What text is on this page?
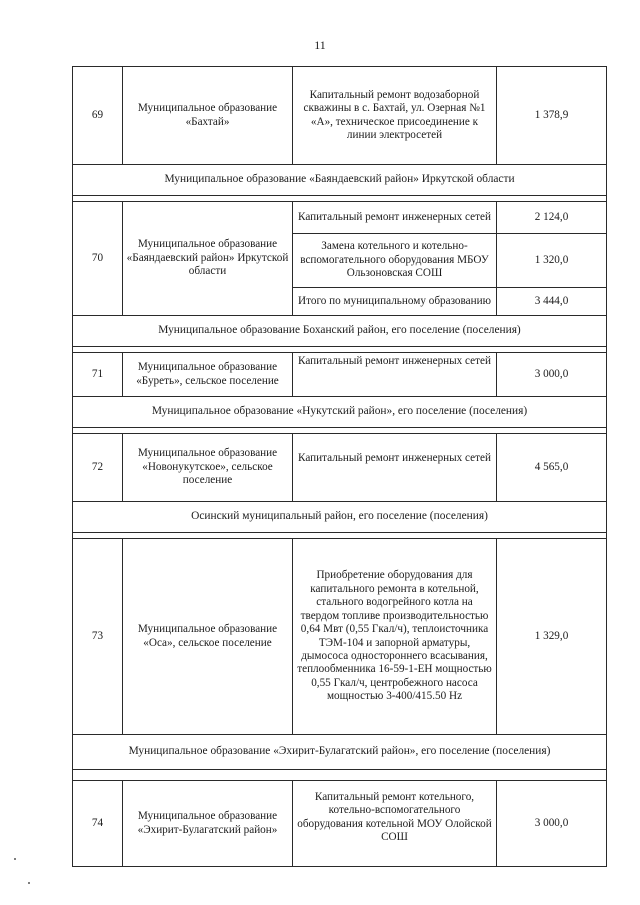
11
69	Муниципальное образование «Бахтай»	Капитальный ремонт водозаборной скважины в с. Бахтай, ул. Озерная №1 «А», техническое присоединение к линии электросетей	1 378,9
Муниципальное образование «Баяндаевский район» Иркутской области			

70	Муниципальное образование «Баяндаевский район» Иркутской области	Капитальный ремонт инженерных сетей	2 124,0
		Замена котельного и котельно-вспомогательного оборудования МБОУ Ользоновская СОШ	1 320,0
		Итого по муниципальному образованию	3 444,0
Муниципальное образование Боханский район, его поселение (поселения)			

71	Муниципальное образование «Буреть», сельское поселение	Капитальный ремонт инженерных сетей	3 000,0
Муниципальное образование «Нукутский район», его поселение (поселения)			

72	Муниципальное образование «Новонукутское», сельское поселение	Капитальный ремонт инженерных сетей	4 565,0
Осинский муниципальный район, его поселение (поселения)			

73	Муниципальное образование «Оса», сельское поселение	Приобретение оборудования для капитального ремонта в котельной, стального водогрейного котла на твердом топливе производительностью 0,64 Мвт (0,55 Гкал/ч), теплоисточника ТЭМ-104 и запорной арматуры, дымососа одностороннего всасывания, теплообменника 16-59-1-ЕН мощностью 0,55 Гкал/ч, центробежного насоса мощностью 3-400/415.50 Hz	1 329,0
Муниципальное образование «Эхирит-Булагатский район», его поселение (поселения)			

74	Муниципальное образование «Эхирит-Булагатский район»	Капитальный ремонт котельного, котельно-вспомогательного оборудования котельной МОУ Олойской СОШ	3 000,0
